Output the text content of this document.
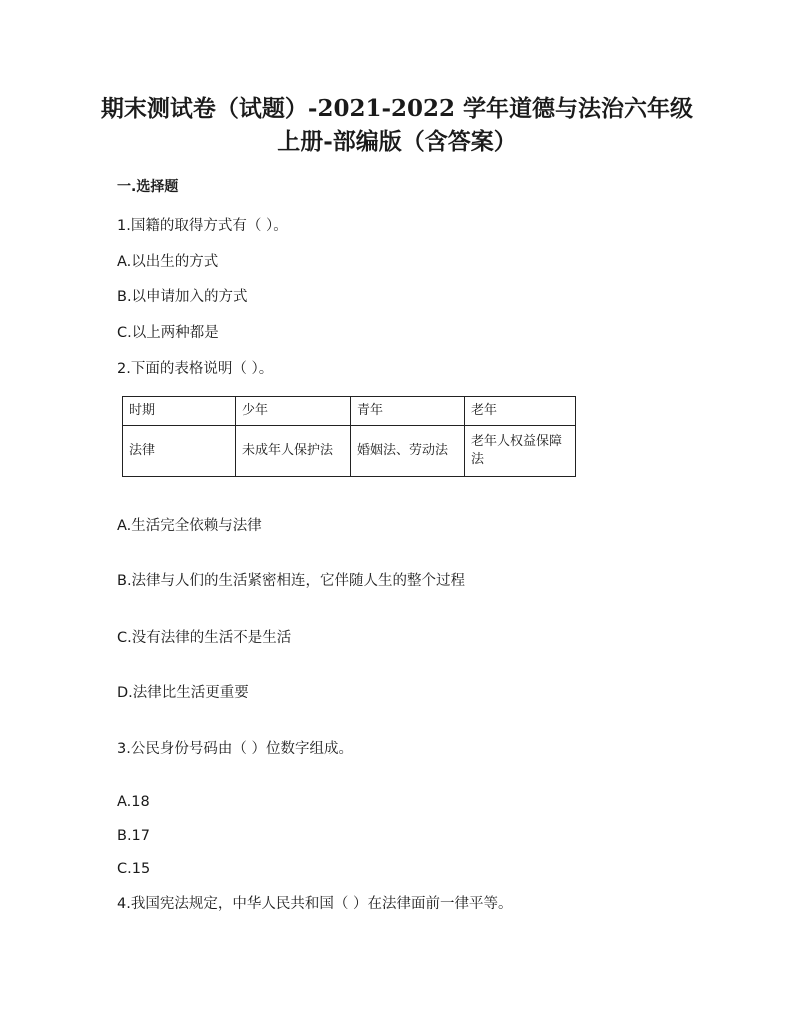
期末测试卷（试题）-2021-2022 学年道德与法治六年级
上册-部编版（含答案）
一.选择题
1.国籍的取得方式有（ ）。
A.以出生的方式
B.以申请加入的方式
C.以上两种都是
2.下面的表格说明（ ）。
时期	少年	青年	老年
法律	未成年人保护法	婚姻法、劳动法	老年人权益保障法
A.生活完全依赖与法律
B.法律与人们的生活紧密相连，它伴随人生的整个过程
C.没有法律的生活不是生活
D.法律比生活更重要
3.公民身份号码由（ ）位数字组成。
A.18
B.17
C.15
4.我国宪法规定，中华人民共和国（ ）在法律面前一律平等。
